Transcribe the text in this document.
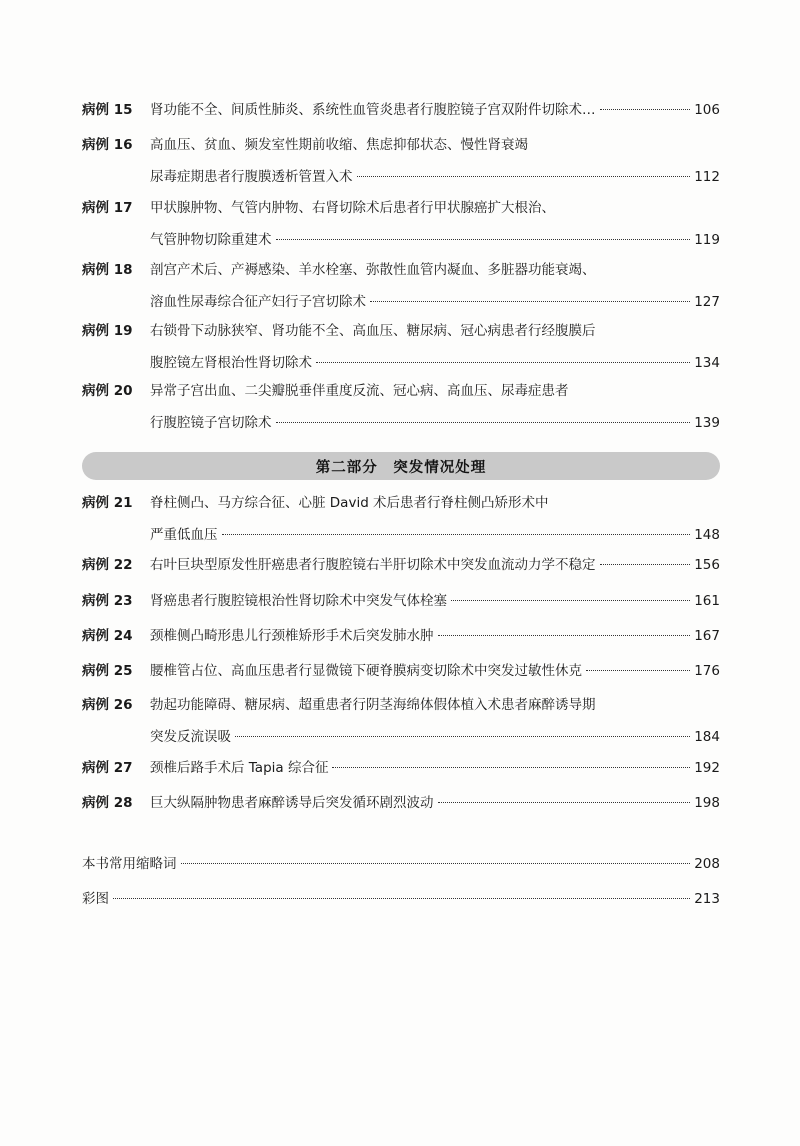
病例 15 肾功能不全、间质性肺炎、系统性血管炎患者行腹腔镜子宫双附件切除术…	106
病例 16 高血压、贫血、频发室性期前收缩、焦虑抑郁状态、慢性肾衰竭
尿毒症期患者行腹膜透析管置入术	112
病例 17 甲状腺肿物、气管内肿物、右肾切除术后患者行甲状腺癌扩大根治、
气管肿物切除重建术	119
病例 18 剖宫产术后、产褥感染、羊水栓塞、弥散性血管内凝血、多脏器功能衰竭、
溶血性尿毒综合征产妇行子宫切除术	127
病例 19 右锁骨下动脉狭窄、肾功能不全、高血压、糖尿病、冠心病患者行经腹膜后
腹腔镜左肾根治性肾切除术	134
病例 20 异常子宫出血、二尖瓣脱垂伴重度反流、冠心病、高血压、尿毒症患者
行腹腔镜子宫切除术	139
第二部分　突发情况处理
病例 21 脊柱侧凸、马方综合征、心脏 David 术后患者行脊柱侧凸矫形术中
严重低血压	148
病例 22 右叶巨块型原发性肝癌患者行腹腔镜右半肝切除术中突发血流动力学不稳定	156
病例 23 肾癌患者行腹腔镜根治性肾切除术中突发气体栓塞	161
病例 24 颈椎侧凸畸形患儿行颈椎矫形手术后突发肺水肿	167
病例 25 腰椎管占位、高血压患者行显微镜下硬脊膜病变切除术中突发过敏性休克	176
病例 26 勃起功能障碍、糖尿病、超重患者行阴茎海绵体假体植入术患者麻醉诱导期
突发反流误吸	184
病例 27 颈椎后路手术后 Tapia 综合征	192
病例 28 巨大纵隔肿物患者麻醉诱导后突发循环剧烈波动	198
本书常用缩略词	208
彩图	213
